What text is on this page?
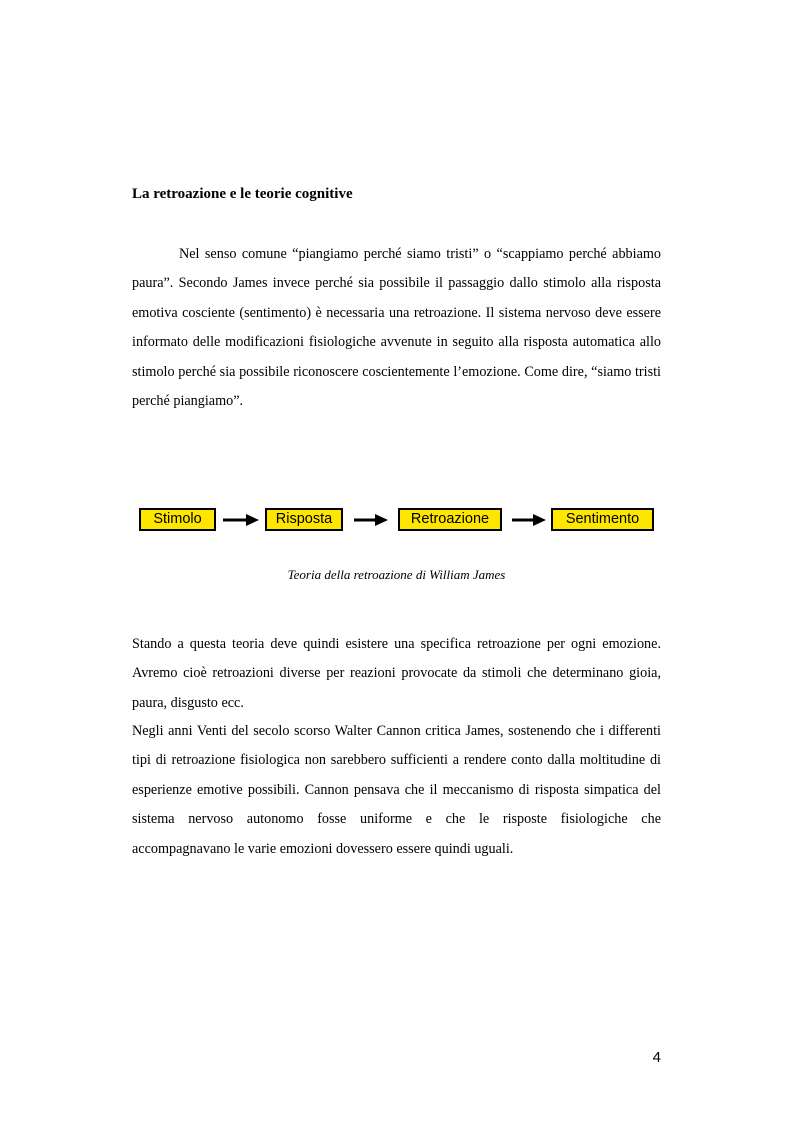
La retroazione e le teorie cognitive

Nel senso comune “piangiamo perché siamo tristi” o “scappiamo perché abbiamo paura”. Secondo James invece perché sia possibile il passaggio dallo stimolo alla risposta emotiva cosciente (sentimento) è necessaria una retroazione. Il sistema nervoso deve essere informato delle modificazioni fisiologiche avvenute in seguito alla risposta automatica allo stimolo perché sia possibile riconoscere coscientemente l’emozione. Come dire, “siamo tristi perché piangiamo”.

Stimolo	Risposta	Retroazione	Sentimento

Teoria della retroazione di William James

Stando a questa teoria deve quindi esistere una specifica retroazione per ogni emozione. Avremo cioè retroazioni diverse per reazioni provocate da stimoli che determinano gioia, paura, disgusto ecc.

Negli anni Venti del secolo scorso Walter Cannon critica James, sostenendo che i differenti tipi di retroazione fisiologica non sarebbero sufficienti a rendere conto dalla moltitudine di esperienze emotive possibili. Cannon pensava che il meccanismo di risposta simpatica del sistema nervoso autonomo fosse uniforme e che le risposte fisiologiche che accompagnavano le varie emozioni dovessero essere quindi uguali.

4
